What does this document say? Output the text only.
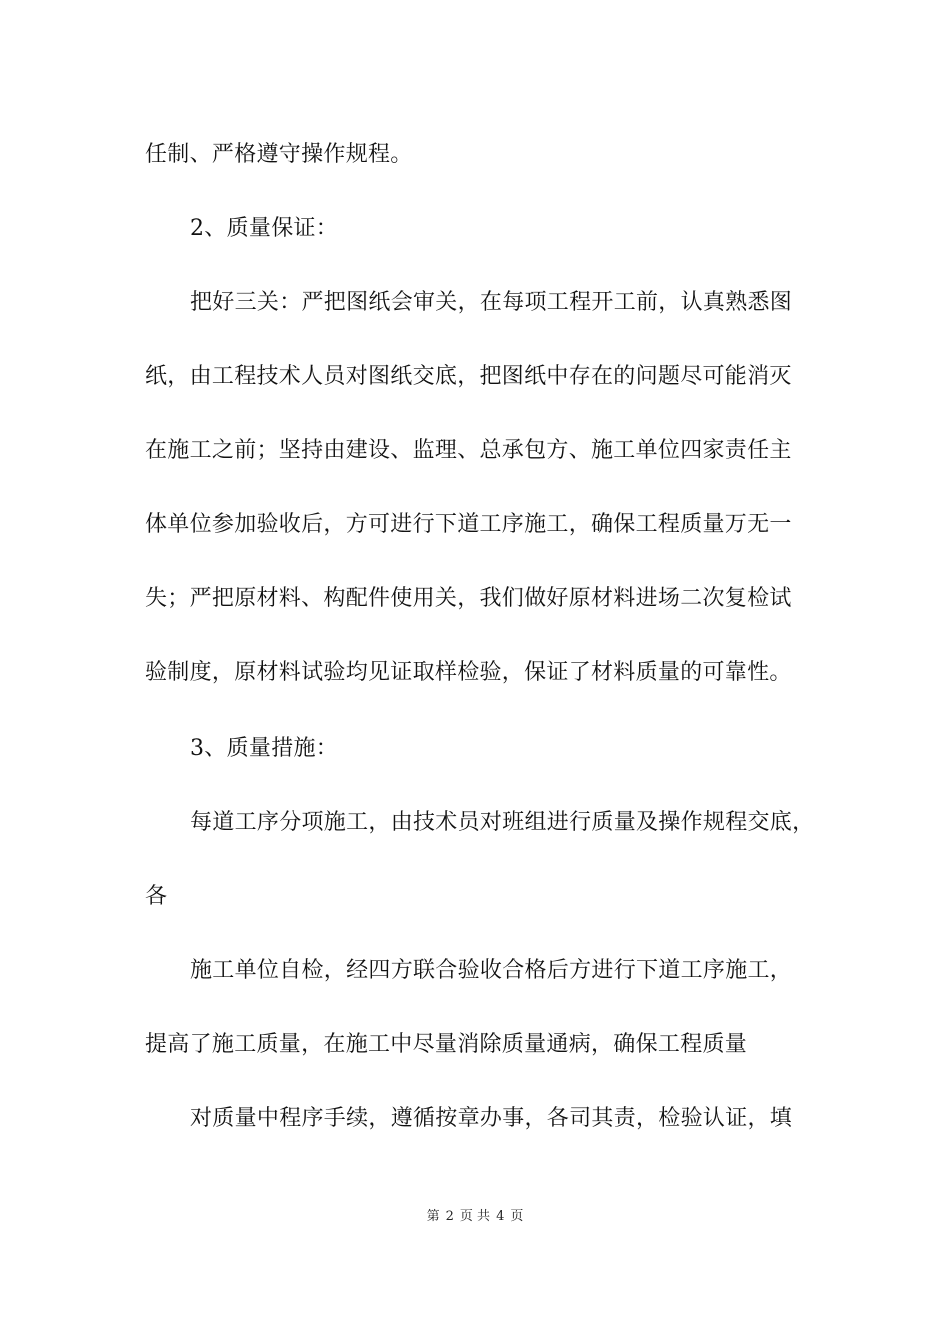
任制、严格遵守操作规程。
2、质量保证：
把好三关：严把图纸会审关，在每项工程开工前，认真熟悉图
纸，由工程技术人员对图纸交底，把图纸中存在的问题尽可能消灭
在施工之前；坚持由建设、监理、总承包方、施工单位四家责任主
体单位参加验收后，方可进行下道工序施工，确保工程质量万无一
失；严把原材料、构配件使用关，我们做好原材料进场二次复检试
验制度，原材料试验均见证取样检验，保证了材料质量的可靠性。
3、质量措施：
每道工序分项施工，由技术员对班组进行质量及操作规程交底，
各
施工单位自检，经四方联合验收合格后方进行下道工序施工，
提高了施工质量，在施工中尽量消除质量通病，确保工程质量
对质量中程序手续，遵循按章办事，各司其责，检验认证，填
第 2 页 共 4 页
